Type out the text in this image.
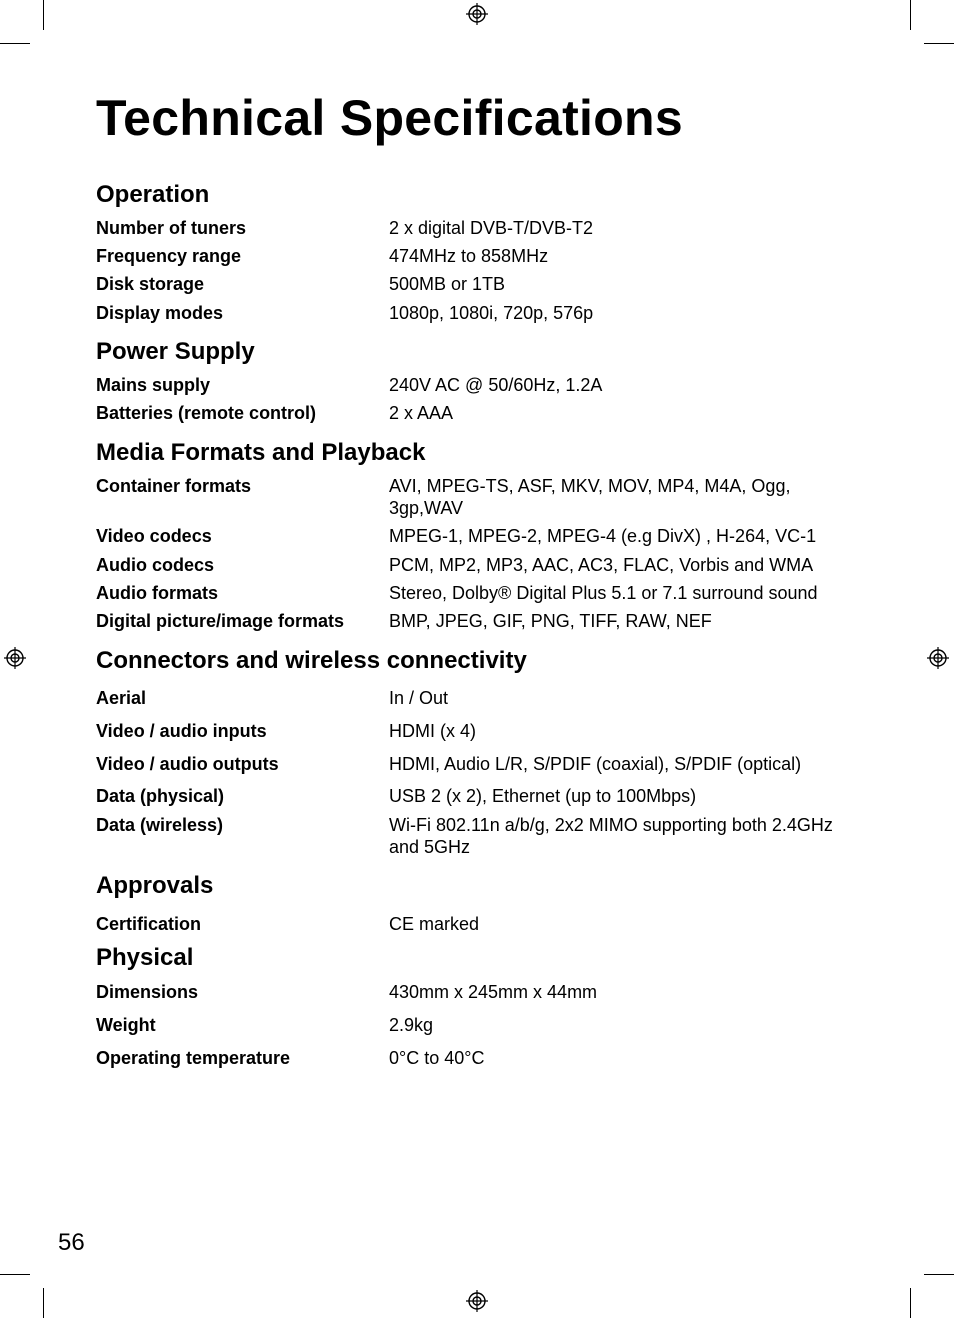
Technical Specifications
Operation
Number of tuners	2 x digital DVB-T/DVB-T2
Frequency range	474MHz to 858MHz
Disk storage	500MB or 1TB
Display modes	1080p, 1080i, 720p, 576p
Power Supply
Mains supply	240V AC @ 50/60Hz, 1.2A
Batteries (remote control)	2 x AAA
Media Formats and Playback
Container formats	AVI, MPEG-TS, ASF, MKV, MOV, MP4, M4A, Ogg, 3gp,WAV
Video codecs	MPEG-1, MPEG-2, MPEG-4 (e.g DivX) , H-264, VC-1
Audio codecs	PCM, MP2, MP3, AAC, AC3, FLAC, Vorbis and WMA
Audio formats	Stereo, Dolby® Digital Plus 5.1 or 7.1 surround sound
Digital picture/image formats	BMP, JPEG, GIF, PNG, TIFF, RAW, NEF
Connectors and wireless connectivity
Aerial	In / Out
Video / audio inputs	HDMI (x 4)
Video / audio outputs	HDMI, Audio L/R, S/PDIF (coaxial), S/PDIF (optical)
Data (physical)	USB 2 (x 2), Ethernet (up to 100Mbps)
Data (wireless)	Wi-Fi 802.11n a/b/g, 2x2 MIMO supporting both 2.4GHz and 5GHz
Approvals
Certification	CE marked
Physical
Dimensions	430mm x 245mm x 44mm
Weight	2.9kg
Operating temperature	0°C to 40°C
56
